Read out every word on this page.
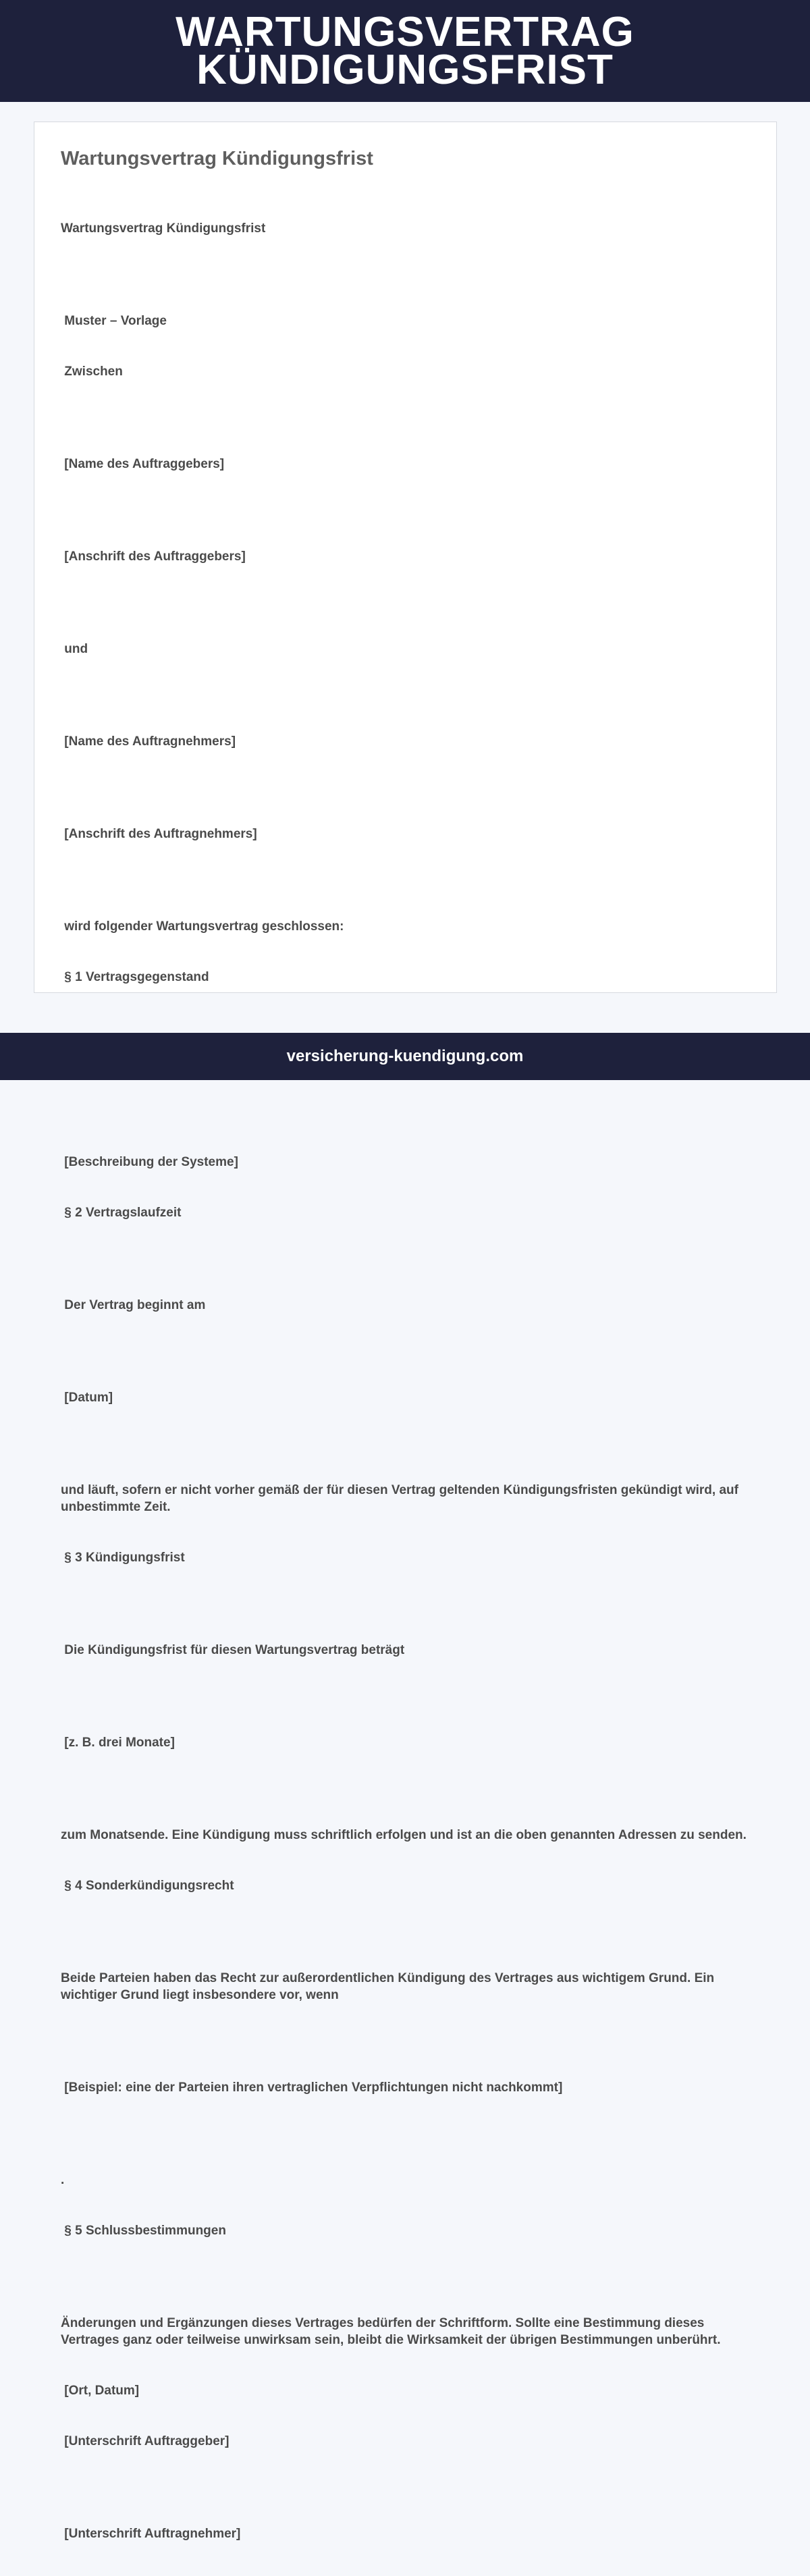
WARTUNGSVERTRAG
KÜNDIGUNGSFRIST
Wartungsvertrag Kündigungsfrist

Wartungsvertrag Kündigungsfrist

Muster – Vorlage

Zwischen

[Name des Auftraggebers]

[Anschrift des Auftraggebers]

und

[Name des Auftragnehmers]

[Anschrift des Auftragnehmers]

wird folgender Wartungsvertrag geschlossen:

§ 1 Vertragsgegenstand

[Beschreibung der Systeme]

§ 2 Vertragslaufzeit

Der Vertrag beginnt am

[Datum]

und läuft, sofern er nicht vorher gemäß der für diesen Vertrag geltenden Kündigungsfristen gekündigt wird, auf unbestimmte Zeit.

§ 3 Kündigungsfrist

Die Kündigungsfrist für diesen Wartungsvertrag beträgt

[z. B. drei Monate]

zum Monatsende. Eine Kündigung muss schriftlich erfolgen und ist an die oben genannten Adressen zu senden.

§ 4 Sonderkündigungsrecht

Beide Parteien haben das Recht zur außerordentlichen Kündigung des Vertrages aus wichtigem Grund. Ein wichtiger Grund liegt insbesondere vor, wenn

[Beispiel: eine der Parteien ihren vertraglichen Verpflichtungen nicht nachkommt]

.

§ 5 Schlussbestimmungen

Änderungen und Ergänzungen dieses Vertrages bedürfen der Schriftform. Sollte eine Bestimmung dieses Vertrages ganz oder teilweise unwirksam sein, bleibt die Wirksamkeit der übrigen Bestimmungen unberührt.

[Ort, Datum]

[Unterschrift Auftraggeber]

[Unterschrift Auftragnehmer]

versicherung-kuendigung.com
